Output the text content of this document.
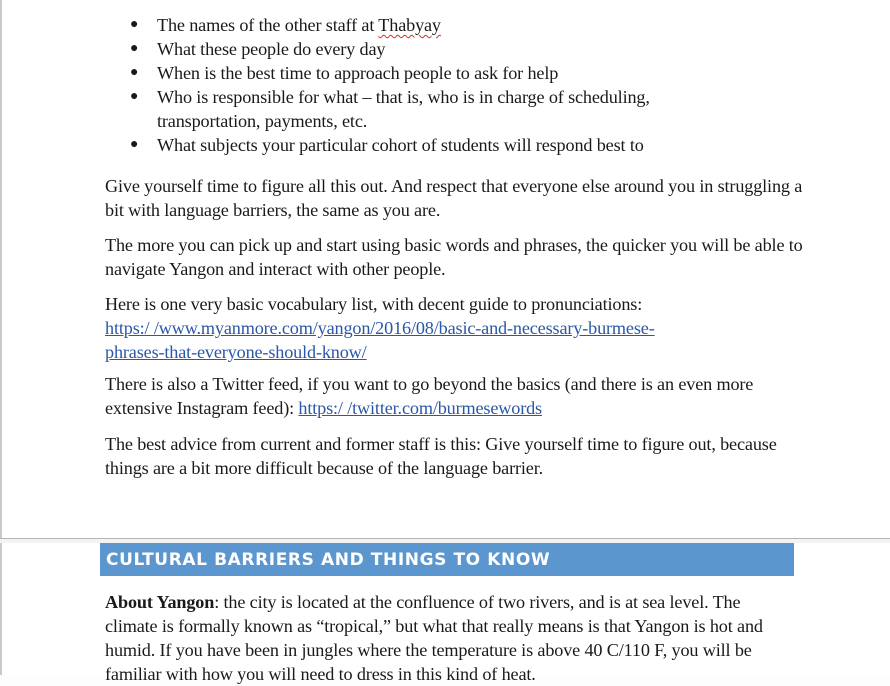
● The names of the other staff at Thabyay
● What these people do every day
● When is the best time to approach people to ask for help
● Who is responsible for what – that is, who is in charge of scheduling, transportation, payments, etc.
● What subjects your particular cohort of students will respond best to

Give yourself time to figure all this out. And respect that everyone else around you in struggling a bit with language barriers, the same as you are.

The more you can pick up and start using basic words and phrases, the quicker you will be able to navigate Yangon and interact with other people.

Here is one very basic vocabulary list, with decent guide to pronunciations:
https:/ /www.myanmore.com/yangon/2016/08/basic-and-necessary-burmese-
phrases-that-everyone-should-know/
There is also a Twitter feed, if you want to go beyond the basics (and there is an even more extensive Instagram feed): https:/ /twitter.com/burmesewords

The best advice from current and former staff is this: Give yourself time to figure out, because things are a bit more difficult because of the language barrier.

CULTURAL BARRIERS AND THINGS TO KNOW
About Yangon: the city is located at the confluence of two rivers, and is at sea level. The climate is formally known as “tropical,” but what that really means is that Yangon is hot and humid. If you have been in jungles where the temperature is above 40 C/110 F, you will be familiar with how you will need to dress in this kind of heat.
